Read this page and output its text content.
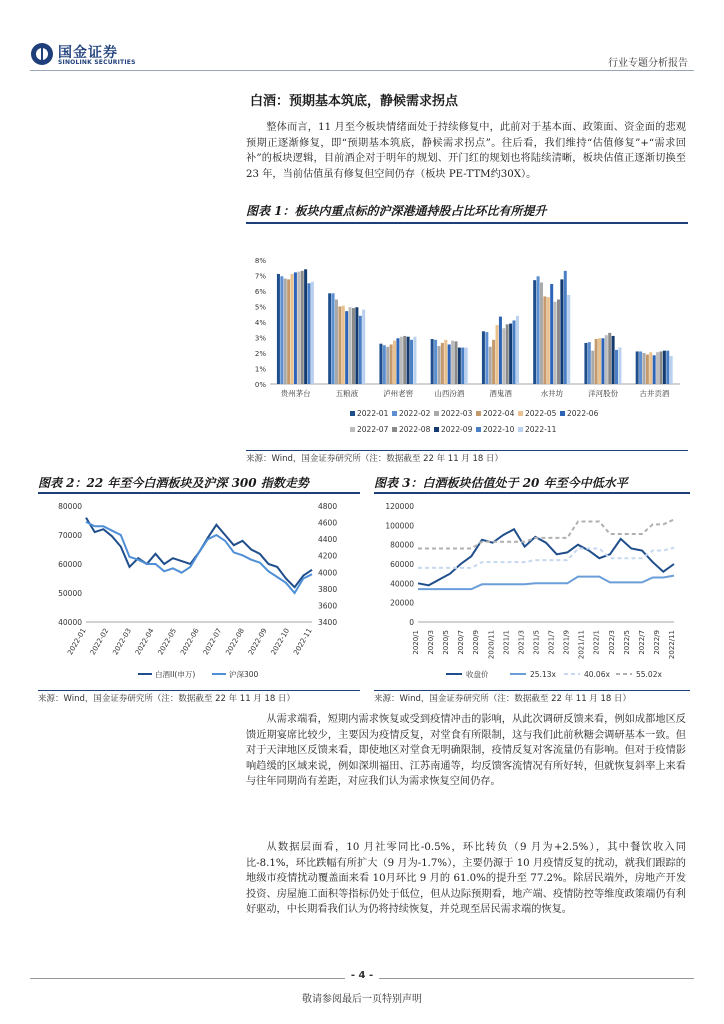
国金证券
SINOLINK SECURITIES	行业专题分析报告
白酒：预期基本筑底，静候需求拐点
整体而言，11 月至今板块情绪面处于持续修复中，此前对于基本面、政策面、资金面的悲观预期正逐渐修复，即“预期基本筑底，静候需求拐点”。往后看，我们维持“估值修复”+“需求回补”的板块逻辑，目前酒企对于明年的规划、开门红的规划也将陆续清晰，板块估值正逐渐切换至 23 年，当前估值虽有修复但空间仍存（板块 PE-TTM约30X）。
图表 1：板块内重点标的沪深港通持股占比环比有所提升
0%
1%
2%
3%
4%
5%
6%
7%
8%
贵州茅台	五粮液	泸州老窖	山西汾酒	酒鬼酒	水井坊	洋河股份	古井贡酒
2022-01 2022-02 2022-03 2022-04 2022-05 2022-06
2022-07 2022-08 2022-09 2022-10 2022-11
来源：Wind，国金证券研究所（注：数据截至 22 年 11 月 18 日）
图表 2：22 年至今白酒板块及沪深 300 指数走势
40000
50000
60000
70000
80000
3400
3600
3800
4000
4200
4400
4600
4800
2022-01 2022-02 2022-03 2022-04 2022-05 2022-06 2022-07 2022-08 2022-09 2022-10 2022-11
白酒II(申万)	沪深300
来源：Wind，国金证券研究所（注：数据截至 22 年 11 月 18 日）
图表 3：白酒板块估值处于 20 年至今中低水平
0
20000
40000
60000
80000
100000
120000
2020/1 2020/3 2020/5 2020/7 2020/9 2020/11 2021/1 2021/3 2021/5 2021/7 2021/9 2021/11 2022/1 2022/3 2022/5 2022/7 2022/9 2022/11
收盘价	25.13x	40.06x	55.02x
来源：Wind，国金证券研究所（注：数据截至 22 年 11 月 18 日）
从需求端看，短期内需求恢复或受到疫情冲击的影响，从此次调研反馈来看，例如成都地区反馈近期宴席比较少，主要因为疫情反复，对堂食有所限制，这与我们此前秋糖会调研基本一致。但对于天津地区反馈来看，即使地区对堂食无明确限制，疫情反复对客流量仍有影响。但对于疫情影响趋缓的区域来说，例如深圳福田、江苏南通等，均反馈客流情况有所好转，但就恢复斜率上来看与往年同期尚有差距，对应我们认为需求恢复空间仍存。
从数据层面看，10 月社零同比-0.5%，环比转负（9 月为+2.5%），其中餐饮收入同比-8.1%，环比跌幅有所扩大（9 月为-1.7%），主要仍源于 10 月疫情反复的扰动，就我们跟踪的地级市疫情扰动覆盖面来看 10月环比 9 月的 61.0%的提升至 77.2%。除居民端外，房地产开发投资、房屋施工面积等指标仍处于低位，但从边际预期看，地产端、疫情防控等维度政策端仍有利好驱动，中长期看我们认为仍将持续恢复，并兑现至居民需求端的恢复。
- 4 -
敬请参阅最后一页特别声明
